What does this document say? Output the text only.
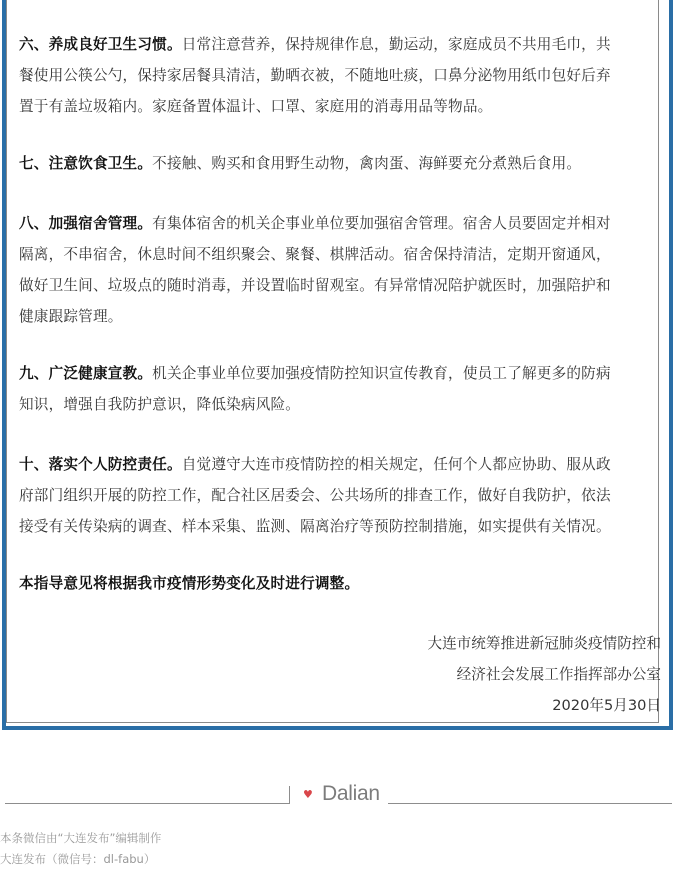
六、养成良好卫生习惯。日常注意营养，保持规律作息，勤运动，家庭成员不共用毛巾，共
餐使用公筷公勺，保持家居餐具清洁，勤晒衣被，不随地吐痰，口鼻分泌物用纸巾包好后弃
置于有盖垃圾箱内。家庭备置体温计、口罩、家庭用的消毒用品等物品。
七、注意饮食卫生。不接触、购买和食用野生动物，禽肉蛋、海鲜要充分煮熟后食用。
八、加强宿舍管理。有集体宿舍的机关企事业单位要加强宿舍管理。宿舍人员要固定并相对
隔离，不串宿舍，休息时间不组织聚会、聚餐、棋牌活动。宿舍保持清洁，定期开窗通风，
做好卫生间、垃圾点的随时消毒，并设置临时留观室。有异常情况陪护就医时，加强陪护和
健康跟踪管理。
九、广泛健康宣教。机关企事业单位要加强疫情防控知识宣传教育，使员工了解更多的防病
知识，增强自我防护意识，降低染病风险。
十、落实个人防控责任。自觉遵守大连市疫情防控的相关规定，任何个人都应协助、服从政
府部门组织开展的防控工作，配合社区居委会、公共场所的排查工作，做好自我防护，依法
接受有关传染病的调查、样本采集、监测、隔离治疗等预防控制措施，如实提供有关情况。
本指导意见将根据我市疫情形势变化及时进行调整。
大连市统筹推进新冠肺炎疫情防控和
经济社会发展工作指挥部办公室
2020年5月30日
♥ Dalian
本条微信由“大连发布”编辑制作
大连发布（微信号：dl-fabu）
